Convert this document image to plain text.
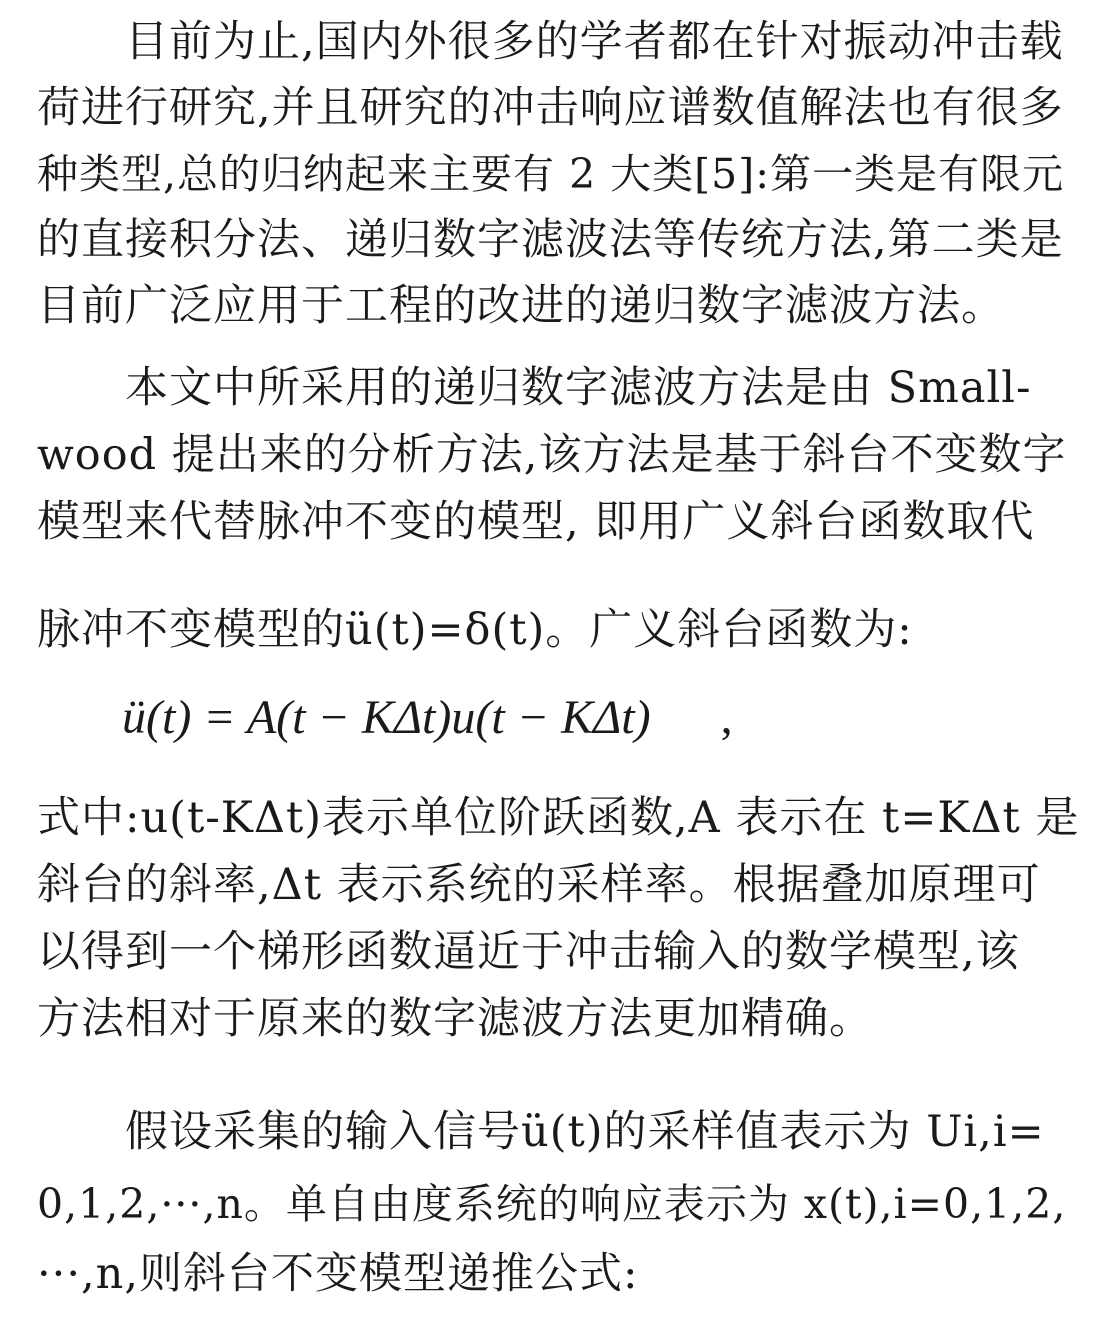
目前为止,国内外很多的学者都在针对振动冲击载
荷进行研究,并且研究的冲击响应谱数值解法也有很多
种类型,总的归纳起来主要有 2 大类[5]:第一类是有限元
的直接积分法、递归数字滤波法等传统方法,第二类是
目前广泛应用于工程的改进的递归数字滤波方法。
本文中所采用的递归数字滤波方法是由 Small-
wood 提出来的分析方法,该方法是基于斜台不变数字
模型来代替脉冲不变的模型, 即用广义斜台函数取代
脉冲不变模型的ü(t)=δ(t)。广义斜台函数为:
ü(t) = A(t − KΔt)u(t − KΔt) ,
式中:u(t-KΔt)表示单位阶跃函数,A 表示在 t=KΔt 是
斜台的斜率,Δt 表示系统的采样率。根据叠加原理可
以得到一个梯形函数逼近于冲击输入的数学模型,该
方法相对于原来的数字滤波方法更加精确。
假设采集的输入信号ü(t)的采样值表示为 Ui,i=
0,1,2,···,n。单自由度系统的响应表示为 x(t),i=0,1,2,
···,n,则斜台不变模型递推公式:
